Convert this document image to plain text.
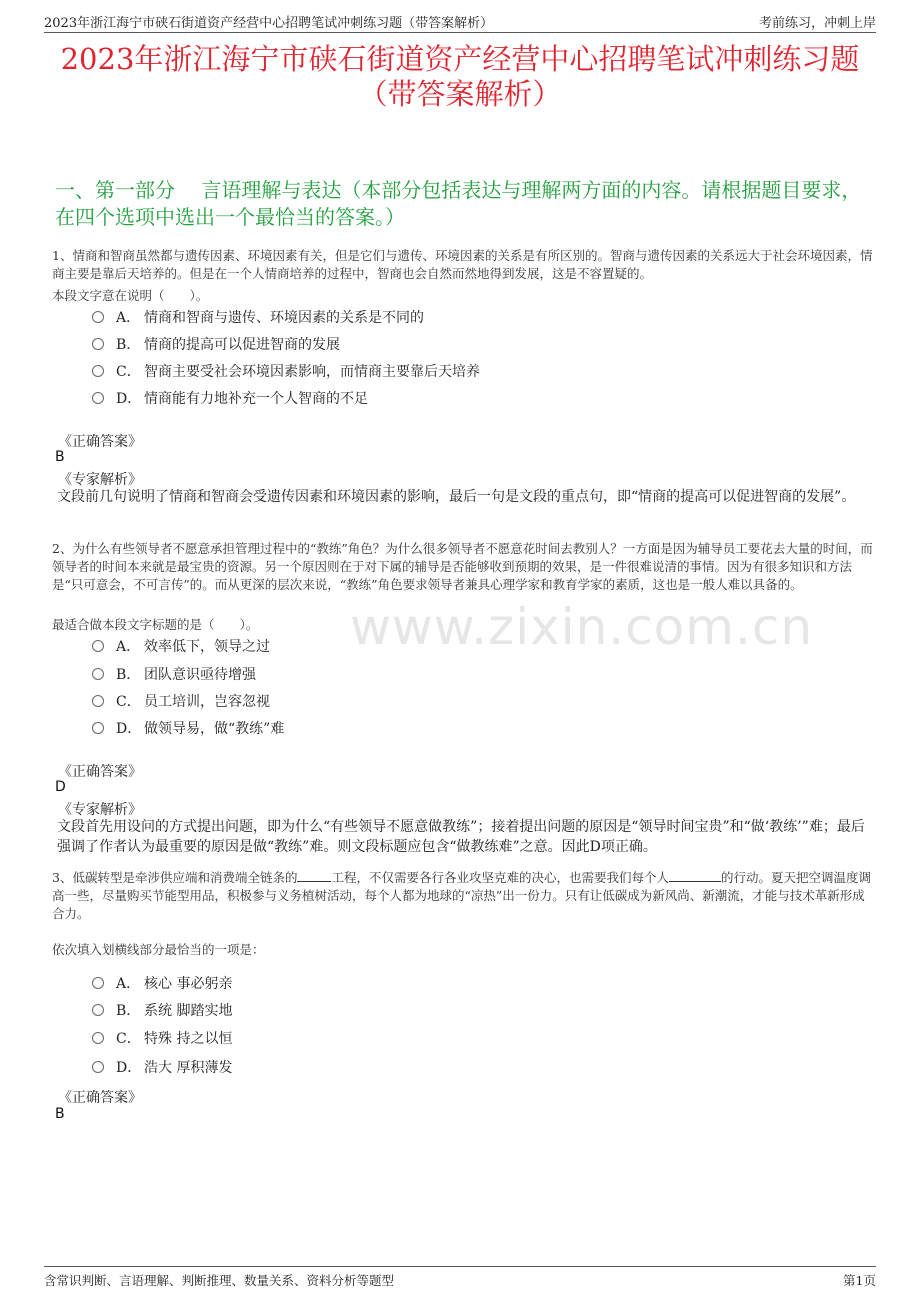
2023年浙江海宁市硖石街道资产经营中心招聘笔试冲刺练习题（带答案解析）	考前练习，冲刺上岸
2023年浙江海宁市硖石街道资产经营中心招聘笔试冲刺练习题
（带答案解析）
一、第一部分　 言语理解与表达（本部分包括表达与理解两方面的内容。请根据题目要求，在四个选项中选出一个最恰当的答案。）
www.zixin.com.cn
1、情商和智商虽然都与遗传因素、环境因素有关，但是它们与遗传、环境因素的关系是有所区别的。智商与遗传因素的关系远大于社会环境因素，情商主要是靠后天培养的。但是在一个人情商培养的过程中，智商也会自然而然地得到发展，这是不容置疑的。
本段文字意在说明（　　）。
A． 情商和智商与遗传、环境因素的关系是不同的
B． 情商的提高可以促进智商的发展
C． 智商主要受社会环境因素影响，而情商主要靠后天培养
D． 情商能有力地补充一个人智商的不足
《正确答案》
B
《专家解析》
文段前几句说明了情商和智商会受遗传因素和环境因素的影响，最后一句是文段的重点句，即“情商的提高可以促进智商的发展”。
2、为什么有些领导者不愿意承担管理过程中的“教练”角色？为什么很多领导者不愿意花时间去教别人？一方面是因为辅导员工要花去大量的时间，而领导者的时间本来就是最宝贵的资源。另一个原因则在于对下属的辅导是否能够收到预期的效果，是一件很难说清的事情。因为有很多知识和方法是“只可意会，不可言传”的。而从更深的层次来说，“教练”角色要求领导者兼具心理学家和教育学家的素质，这也是一般人难以具备的。
最适合做本段文字标题的是（　　）。
A． 效率低下，领导之过
B． 团队意识亟待增强
C． 员工培训，岂容忽视
D． 做领导易，做“教练”难
《正确答案》
D
《专家解析》
文段首先用设问的方式提出问题，即为什么“有些领导不愿意做教练”；接着提出问题的原因是“领导时间宝贵”和“做‘教练’”难；最后强调了作者认为最重要的原因是做“教练”难。则文段标题应包含“做教练难”之意。因此D项正确。
3、低碳转型是牵涉供应端和消费端全链条的	工程，不仅需要各行各业攻坚克难的决心，也需要我们每个人	的行动。夏天把空调温度调高一些，尽量购买节能型用品，积极参与义务植树活动，每个人都为地球的“凉热”出一份力。只有让低碳成为新风尚、新潮流，才能与技术革新形成合力。
依次填入划横线部分最恰当的一项是：
A． 核心 事必躬亲
B． 系统 脚踏实地
C． 特殊 持之以恒
D． 浩大 厚积薄发
《正确答案》
B
含常识判断、言语理解、判断推理、数量关系、资料分析等题型	第1页
